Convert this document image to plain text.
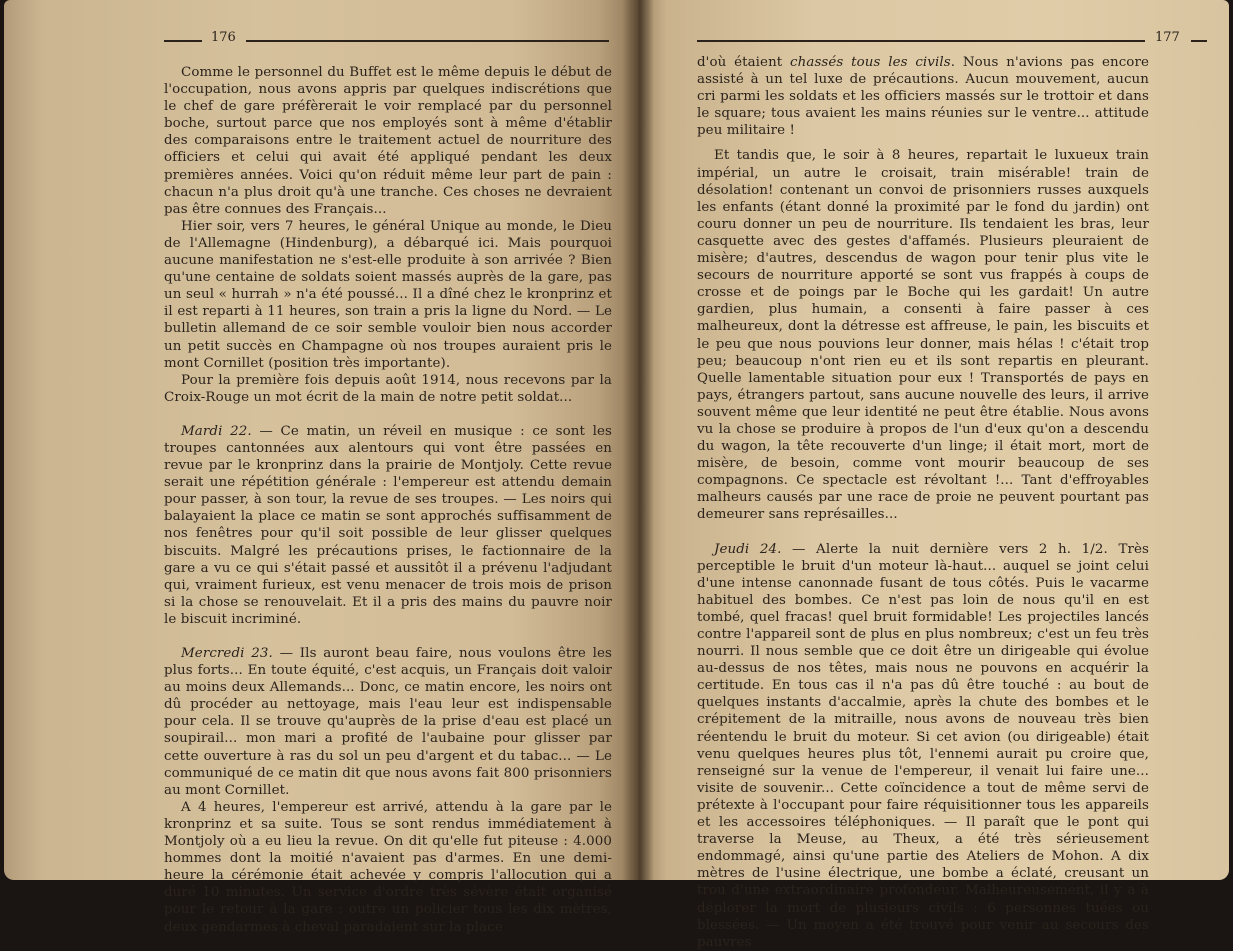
176

Comme le personnel du Buffet est le même depuis le début de l'occupation, nous avons appris par quelques indiscrétions que le chef de gare préfèrerait le voir remplacé par du personnel boche, surtout parce que nos employés sont à même d'établir des comparaisons entre le traitement actuel de nourriture des officiers et celui qui avait été appliqué pendant les deux premières années. Voici qu'on réduit même leur part de pain : chacun n'a plus droit qu'à une tranche. Ces choses ne devraient pas être connues des Français...

Hier soir, vers 7 heures, le général Unique au monde, le Dieu de l'Allemagne (Hindenburg), a débarqué ici. Mais pourquoi aucune manifestation ne s'est-elle produite à son arrivée ? Bien qu'une centaine de soldats soient massés auprès de la gare, pas un seul « hurrah » n'a été poussé... Il a dîné chez le kronprinz et il est reparti à 11 heures, son train a pris la ligne du Nord. — Le bulletin allemand de ce soir semble vouloir bien nous accorder un petit succès en Champagne où nos troupes auraient pris le mont Cornillet (position très importante).

Pour la première fois depuis août 1914, nous recevons par la Croix-Rouge un mot écrit de la main de notre petit soldat...

Mardi 22. — Ce matin, un réveil en musique : ce sont les troupes cantonnées aux alentours qui vont être passées en revue par le kronprinz dans la prairie de Montjoly. Cette revue serait une répétition générale : l'empereur est attendu demain pour passer, à son tour, la revue de ses troupes. — Les noirs qui balayaient la place ce matin se sont approchés suffisamment de nos fenêtres pour qu'il soit possible de leur glisser quelques biscuits. Malgré les précautions prises, le factionnaire de la gare a vu ce qui s'était passé et aussitôt il a prévenu l'adjudant qui, vraiment furieux, est venu menacer de trois mois de prison si la chose se renouvelait. Et il a pris des mains du pauvre noir le biscuit incriminé.

Mercredi 23. — Ils auront beau faire, nous voulons être les plus forts... En toute équité, c'est acquis, un Français doit valoir au moins deux Allemands... Donc, ce matin encore, les noirs ont dû procéder au nettoyage, mais l'eau leur est indispensable pour cela. Il se trouve qu'auprès de la prise d'eau est placé un soupirail... mon mari a profité de l'aubaine pour glisser par cette ouverture à ras du sol un peu d'argent et du tabac... — Le communiqué de ce matin dit que nous avons fait 800 prisonniers au mont Cornillet.

A 4 heures, l'empereur est arrivé, attendu à la gare par le kronprinz et sa suite. Tous se sont rendus immédiatement à Montjoly où a eu lieu la revue. On dit qu'elle fut piteuse : 4.000 hommes dont la moitié n'avaient pas d'armes. En une demi-heure la cérémonie était achevée y compris l'allocution qui a duré 10 minutes. Un service d'ordre très sévère était organisé pour le retour à la gare : outre un policier tous les dix mètres, deux gendarmes à cheval paradaient sur la place

177

d'où étaient chassés tous les civils. Nous n'avions pas encore assisté à un tel luxe de précautions. Aucun mouvement, aucun cri parmi les soldats et les officiers massés sur le trottoir et dans le square; tous avaient les mains réunies sur le ventre... attitude peu militaire !

Et tandis que, le soir à 8 heures, repartait le luxueux train impérial, un autre le croisait, train misérable! train de désolation! contenant un convoi de prisonniers russes auxquels les enfants (étant donné la proximité par le fond du jardin) ont couru donner un peu de nourriture. Ils tendaient les bras, leur casquette avec des gestes d'affamés. Plusieurs pleuraient de misère; d'autres, descendus de wagon pour tenir plus vite le secours de nourriture apporté se sont vus frappés à coups de crosse et de poings par le Boche qui les gardait! Un autre gardien, plus humain, a consenti à faire passer à ces malheureux, dont la détresse est affreuse, le pain, les biscuits et le peu que nous pouvions leur donner, mais hélas ! c'était trop peu; beaucoup n'ont rien eu et ils sont repartis en pleurant. Quelle lamentable situation pour eux ! Transportés de pays en pays, étrangers partout, sans aucune nouvelle des leurs, il arrive souvent même que leur identité ne peut être établie. Nous avons vu la chose se produire à propos de l'un d'eux qu'on a descendu du wagon, la tête recouverte d'un linge; il était mort, mort de misère, de besoin, comme vont mourir beaucoup de ses compagnons. Ce spectacle est révoltant !... Tant d'effroyables malheurs causés par une race de proie ne peuvent pourtant pas demeurer sans représailles...

Jeudi 24. — Alerte la nuit dernière vers 2 h. 1/2. Très perceptible le bruit d'un moteur là-haut... auquel se joint celui d'une intense canonnade fusant de tous côtés. Puis le vacarme habituel des bombes. Ce n'est pas loin de nous qu'il en est tombé, quel fracas! quel bruit formidable! Les projectiles lancés contre l'appareil sont de plus en plus nombreux; c'est un feu très nourri. Il nous semble que ce doit être un dirigeable qui évolue au-dessus de nos têtes, mais nous ne pouvons en acquérir la certitude. En tous cas il n'a pas dû être touché : au bout de quelques instants d'accalmie, après la chute des bombes et le crépitement de la mitraille, nous avons de nouveau très bien réentendu le bruit du moteur. Si cet avion (ou dirigeable) était venu quelques heures plus tôt, l'ennemi aurait pu croire que, renseigné sur la venue de l'empereur, il venait lui faire une... visite de souvenir... Cette coïncidence a tout de même servi de prétexte à l'occupant pour faire réquisitionner tous les appareils et les accessoires téléphoniques. — Il paraît que le pont qui traverse la Meuse, au Theux, a été très sérieusement endommagé, ainsi qu'une partie des Ateliers de Mohon. A dix mètres de l'usine électrique, une bombe a éclaté, creusant un trou d'une extraordinaire profondeur. Malheureusement, il y a à déplorer la mort de plusieurs civils : 6 personnes tuées ou blessées. — Un moyen a été trouvé pour venir au secours des pauvres
